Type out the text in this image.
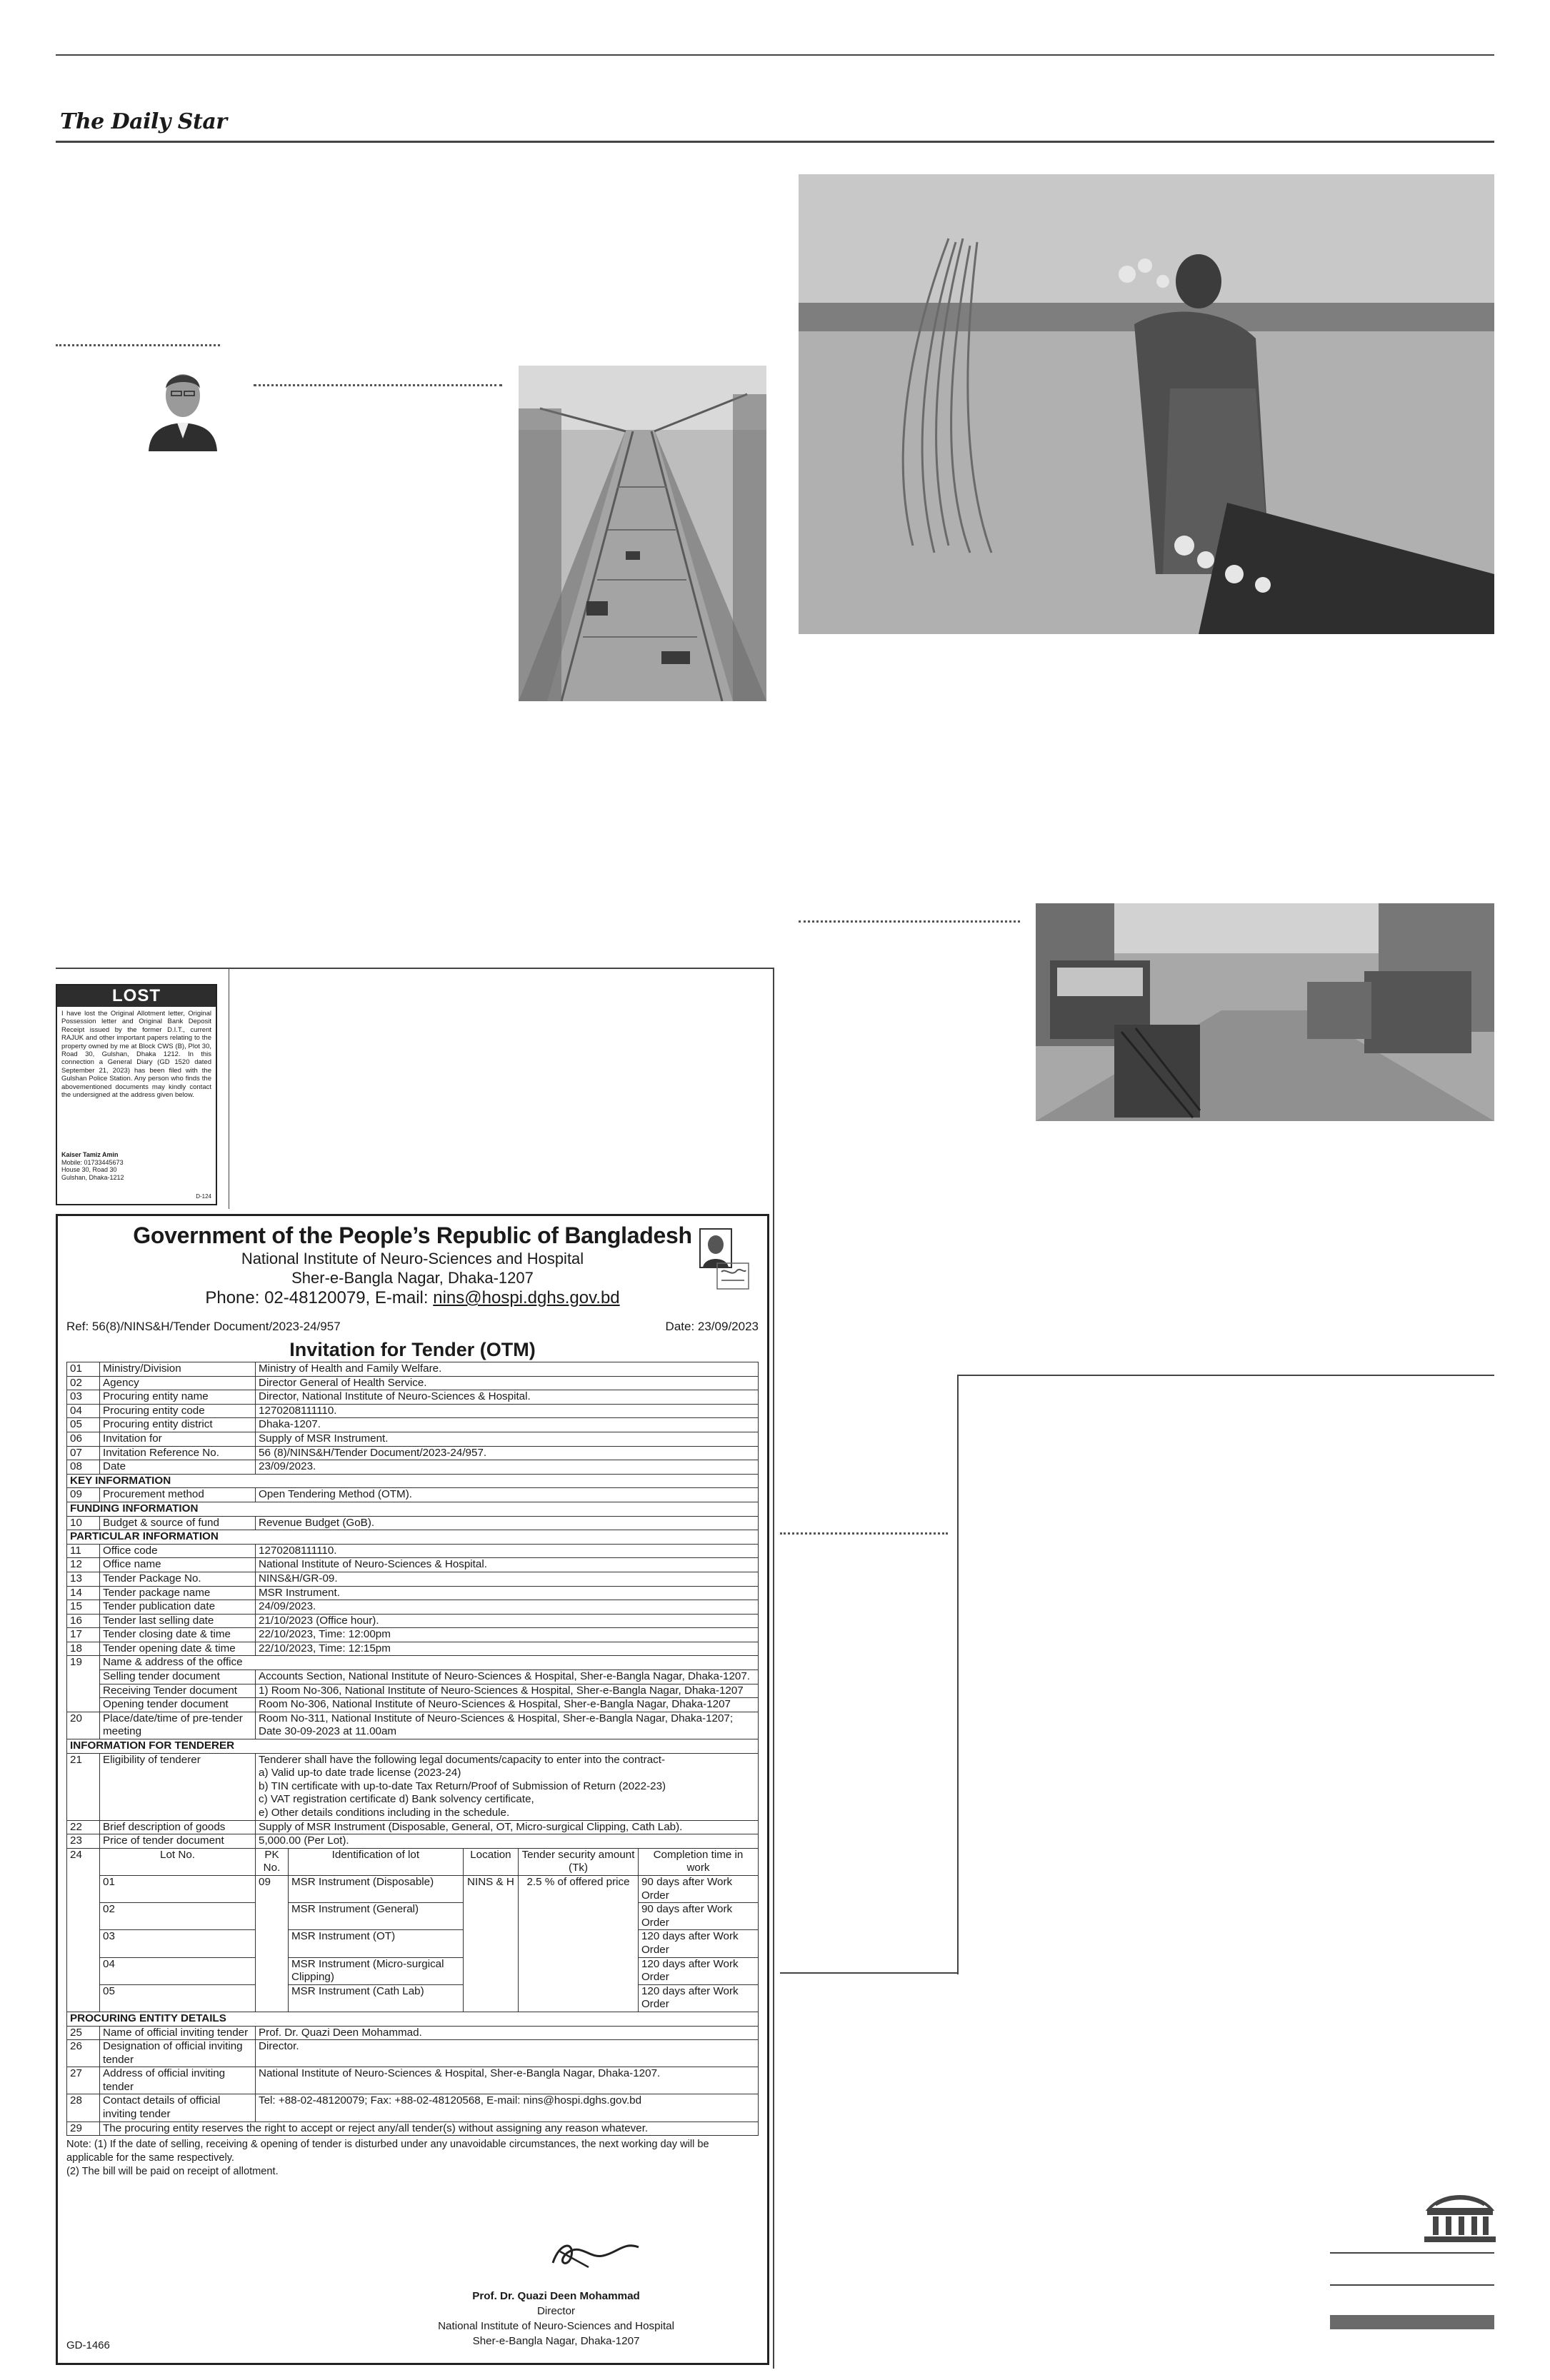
The Daily Star
LOST
I have lost the Original Allotment letter, Original Possession letter and Original Bank Deposit Receipt issued by the former D.I.T., current RAJUK and other important papers relating to the property owned by me at Block CWS (B), Plot 30, Road 30, Gulshan, Dhaka 1212. In this connection a General Diary (GD 1520 dated September 21, 2023) has been filed with the Gulshan Police Station. Any person who finds the abovementioned documents may kindly contact the undersigned at the address given below.
Kaiser Tamiz Amin
Mobile: 01733445673
House 30, Road 30
Gulshan, Dhaka-1212
D-124
Government of the People’s Republic of Bangladesh
National Institute of Neuro-Sciences and Hospital
Sher-e-Bangla Nagar, Dhaka-1207
Phone: 02-48120079, E-mail: nins@hospi.dghs.gov.bd
Ref: 56(8)/NINS&H/Tender Document/2023-24/957	Date: 23/09/2023
Invitation for Tender (OTM)
01	Ministry/Division	Ministry of Health and Family Welfare.				
02	Agency	Director General of Health Service.				
03	Procuring entity name	Director, National Institute of Neuro-Sciences & Hospital.				
04	Procuring entity code	1270208111110.				
05	Procuring entity district	Dhaka-1207.				
06	Invitation for	Supply of MSR Instrument.				
07	Invitation Reference No.	56 (8)/NINS&H/Tender Document/2023-24/957.				
08	Date	23/09/2023.				
KEY INFORMATION						
09	Procurement method	Open Tendering Method (OTM).				
FUNDING INFORMATION						
10	Budget & source of fund	Revenue Budget (GoB).				
PARTICULAR INFORMATION						
11	Office code	1270208111110.				
12	Office name	National Institute of Neuro-Sciences & Hospital.				
13	Tender Package No.	NINS&H/GR-09.				
14	Tender package name	MSR Instrument.				
15	Tender publication date	24/09/2023.				
16	Tender last selling date	21/10/2023 (Office hour).				
17	Tender closing date & time	22/10/2023, Time: 12:00pm				
18	Tender opening date & time	22/10/2023, Time: 12:15pm				
19	Name & address of the office					
	Selling tender document	Accounts Section, National Institute of Neuro-Sciences & Hospital, Sher-e-Bangla Nagar, Dhaka-1207.				
	Receiving Tender document	1) Room No-306, National Institute of Neuro-Sciences & Hospital, Sher-e-Bangla Nagar, Dhaka-1207				
	Opening tender document	Room No-306, National Institute of Neuro-Sciences & Hospital, Sher-e-Bangla Nagar, Dhaka-1207				
20	Place/date/time of pre-tender meeting	Room No-311, National Institute of Neuro-Sciences & Hospital, Sher-e-Bangla Nagar, Dhaka-1207; Date 30-09-2023 at 11.00am				
INFORMATION FOR TENDERER						
21	Eligibility of tenderer	Tenderer shall have the following legal documents/capacity to enter into the contract-
a) Valid up-to date trade license (2023-24)
b) TIN certificate with up-to-date Tax Return/Proof of Submission of Return (2022-23)
c) VAT registration certificate d) Bank solvency certificate,
e) Other details conditions including in the schedule.				

22	Brief description of goods	Supply of MSR Instrument (Disposable, General, OT, Micro-surgical Clipping, Cath Lab).				
23	Price of tender document	5,000.00 (Per Lot).				
24	Lot No.	PK No.	Identification of lot	Location	Tender security amount (Tk)	Completion time in work
	01	09	MSR Instrument (Disposable)	NINS & H	2.5 % of offered price	90 days after Work Order
	02		MSR Instrument (General)			90 days after Work Order
	03		MSR Instrument (OT)			120 days after Work Order
	04		MSR Instrument (Micro-surgical Clipping)			120 days after Work Order
	05		MSR Instrument (Cath Lab)			120 days after Work Order
PROCURING ENTITY DETAILS						
25	Name of official inviting tender	Prof. Dr. Quazi Deen Mohammad.				
26	Designation of official inviting tender	Director.				
27	Address of official inviting tender	National Institute of Neuro-Sciences & Hospital, Sher-e-Bangla Nagar, Dhaka-1207.				
28	Contact details of official inviting tender	Tel: +88-02-48120079; Fax: +88-02-48120568, E-mail: nins@hospi.dghs.gov.bd				
29	The procuring entity reserves the right to accept or reject any/all tender(s) without assigning any reason whatever.					
Note: (1) If the date of selling, receiving & opening of tender is disturbed under any unavoidable circumstances, the next working day will be applicable for the same respectively.
(2) The bill will be paid on receipt of allotment.
Prof. Dr. Quazi Deen Mohammad
Director
National Institute of Neuro-Sciences and Hospital
Sher-e-Bangla Nagar, Dhaka-1207
GD-1466
